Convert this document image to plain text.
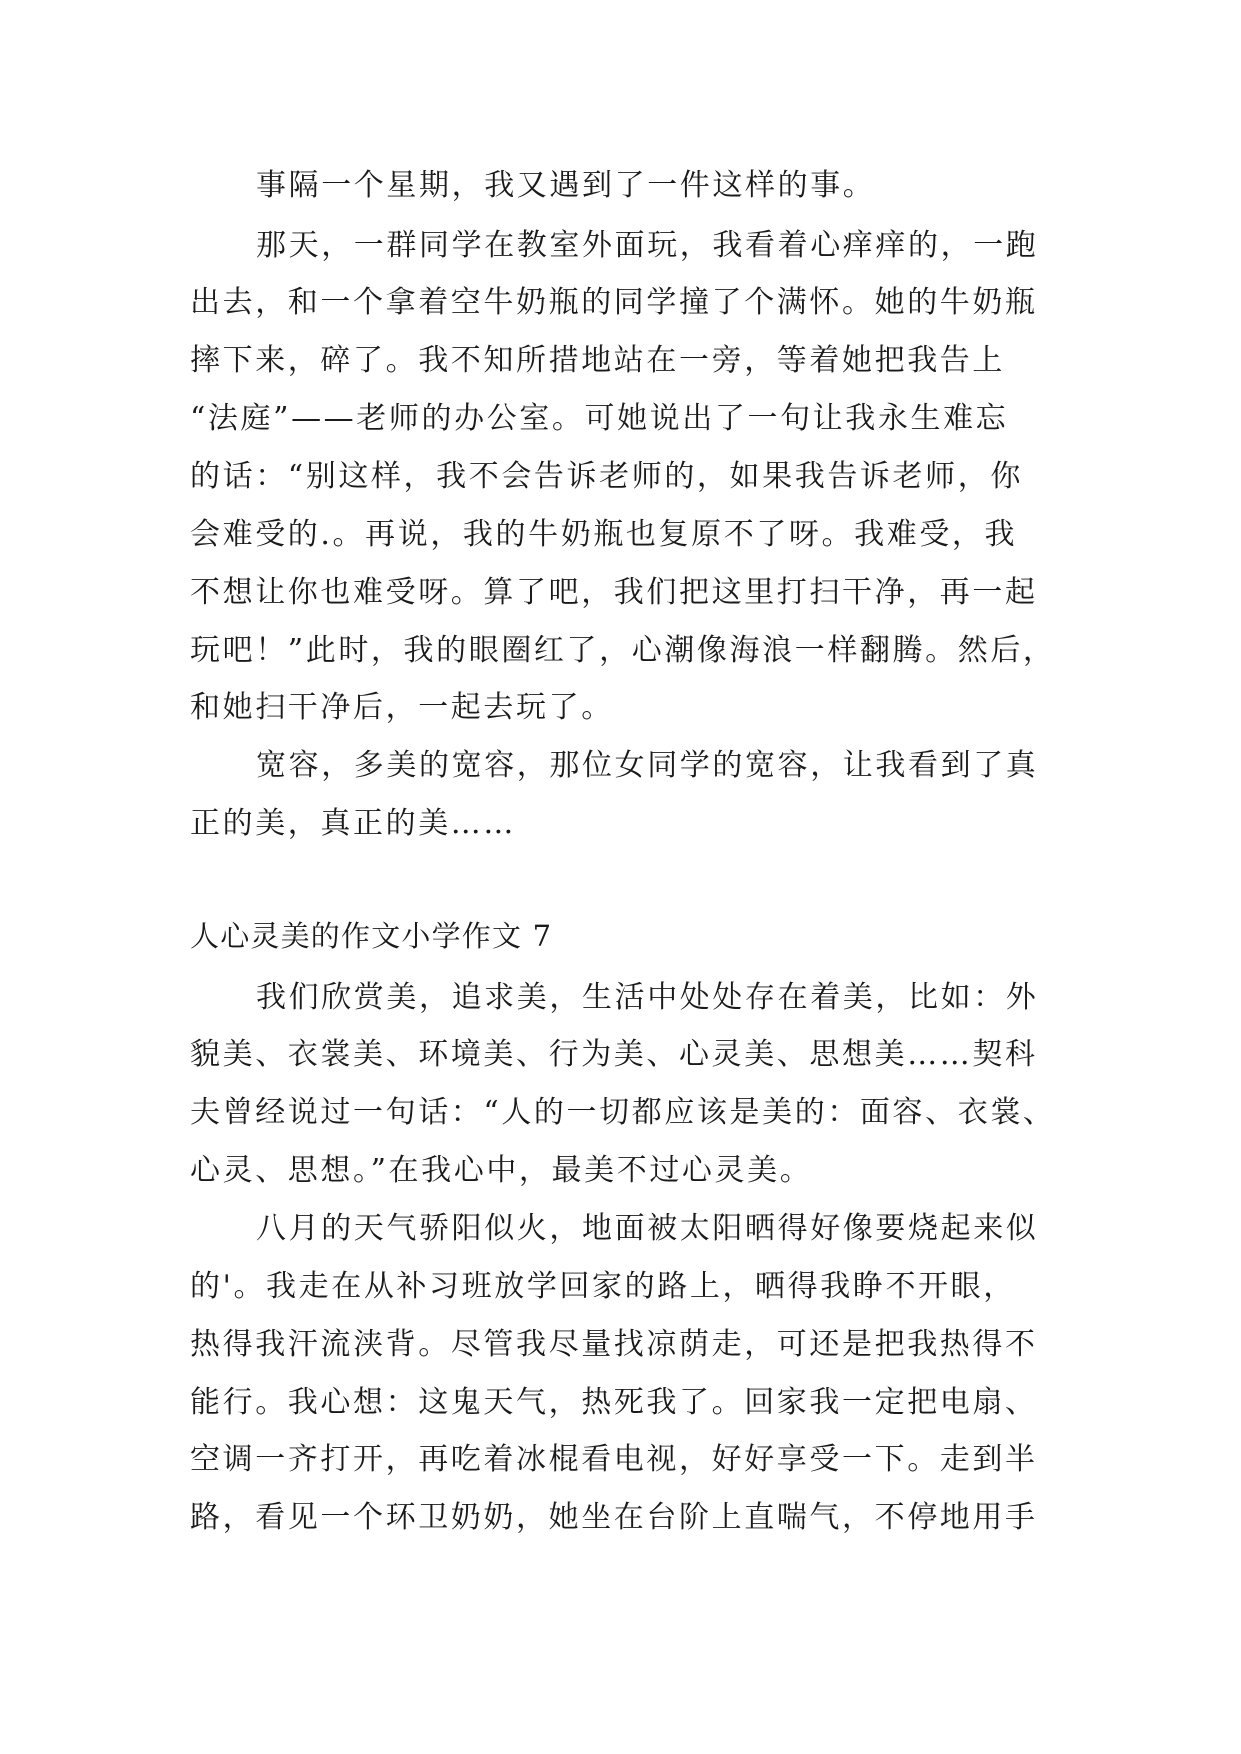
事隔一个星期，我又遇到了一件这样的事。
那天，一群同学在教室外面玩，我看着心痒痒的，一跑
出去，和一个拿着空牛奶瓶的同学撞了个满怀。她的牛奶瓶
摔下来，碎了。我不知所措地站在一旁，等着她把我告上
“法庭”——老师的办公室。可她说出了一句让我永生难忘
的话：“别这样，我不会告诉老师的，如果我告诉老师，你
会难受的.。再说，我的牛奶瓶也复原不了呀。我难受，我
不想让你也难受呀。算了吧，我们把这里打扫干净，再一起
玩吧！”此时，我的眼圈红了，心潮像海浪一样翻腾。然后，
和她扫干净后，一起去玩了。
宽容，多美的宽容，那位女同学的宽容，让我看到了真
正的美，真正的美……
人心灵美的作文小学作文 7
我们欣赏美，追求美，生活中处处存在着美，比如：外
貌美、衣裳美、环境美、行为美、心灵美、思想美……契科
夫曾经说过一句话：“人的一切都应该是美的：面容、衣裳、
心灵、思想。”在我心中，最美不过心灵美。
八月的天气骄阳似火，地面被太阳晒得好像要烧起来似
的'。我走在从补习班放学回家的路上，晒得我睁不开眼，
热得我汗流浃背。尽管我尽量找凉荫走，可还是把我热得不
能行。我心想：这鬼天气，热死我了。回家我一定把电扇、
空调一齐打开，再吃着冰棍看电视，好好享受一下。走到半
路，看见一个环卫奶奶，她坐在台阶上直喘气，不停地用手
